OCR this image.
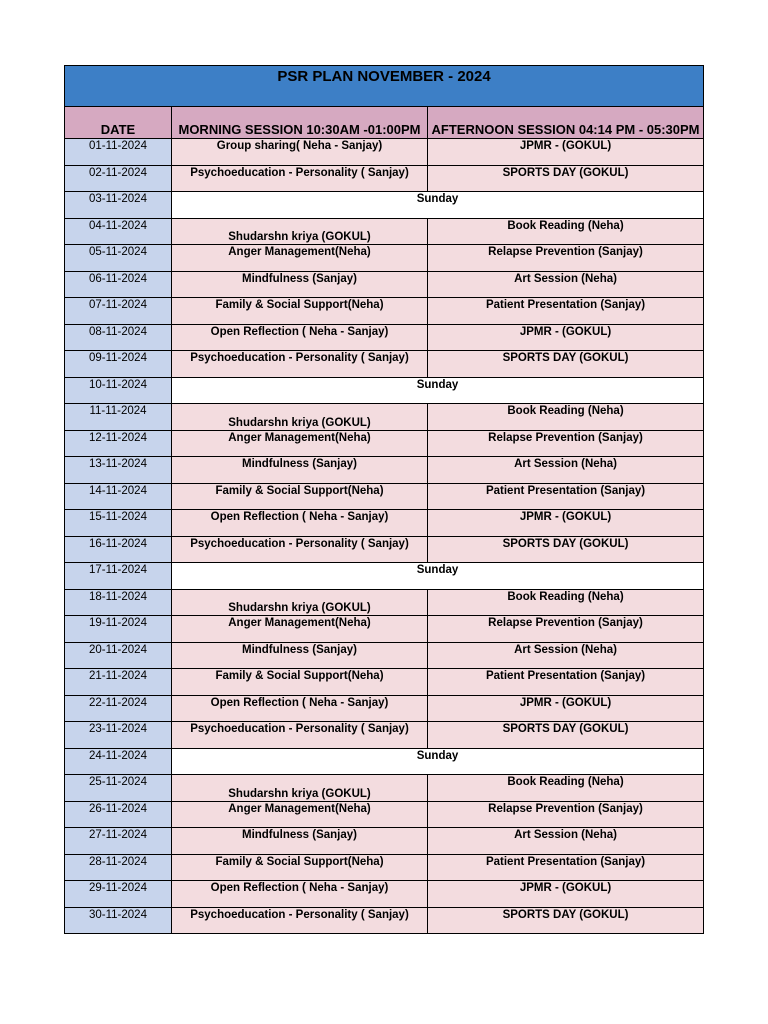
PSR PLAN NOVEMBER - 2024		
DATE	MORNING SESSION 10:30AM -01:00PM	AFTERNOON SESSION 04:14 PM - 05:30PM
01-11-2024	Group sharing( Neha - Sanjay)	JPMR - (GOKUL)
02-11-2024	Psychoeducation - Personality ( Sanjay)	SPORTS DAY (GOKUL)
03-11-2024	Sunday	
04-11-2024	Shudarshn kriya (GOKUL)	Book Reading (Neha)
05-11-2024	Anger Management(Neha)	Relapse Prevention (Sanjay)
06-11-2024	Mindfulness (Sanjay)	Art Session (Neha)
07-11-2024	Family & Social Support(Neha)	Patient Presentation (Sanjay)
08-11-2024	Open Reflection ( Neha - Sanjay)	JPMR - (GOKUL)
09-11-2024	Psychoeducation - Personality ( Sanjay)	SPORTS DAY (GOKUL)
10-11-2024	Sunday	
11-11-2024	Shudarshn kriya (GOKUL)	Book Reading (Neha)
12-11-2024	Anger Management(Neha)	Relapse Prevention (Sanjay)
13-11-2024	Mindfulness (Sanjay)	Art Session (Neha)
14-11-2024	Family & Social Support(Neha)	Patient Presentation (Sanjay)
15-11-2024	Open Reflection ( Neha - Sanjay)	JPMR - (GOKUL)
16-11-2024	Psychoeducation - Personality ( Sanjay)	SPORTS DAY (GOKUL)
17-11-2024	Sunday	
18-11-2024	Shudarshn kriya (GOKUL)	Book Reading (Neha)
19-11-2024	Anger Management(Neha)	Relapse Prevention (Sanjay)
20-11-2024	Mindfulness (Sanjay)	Art Session (Neha)
21-11-2024	Family & Social Support(Neha)	Patient Presentation (Sanjay)
22-11-2024	Open Reflection ( Neha - Sanjay)	JPMR - (GOKUL)
23-11-2024	Psychoeducation - Personality ( Sanjay)	SPORTS DAY (GOKUL)
24-11-2024	Sunday	
25-11-2024	Shudarshn kriya (GOKUL)	Book Reading (Neha)
26-11-2024	Anger Management(Neha)	Relapse Prevention (Sanjay)
27-11-2024	Mindfulness (Sanjay)	Art Session (Neha)
28-11-2024	Family & Social Support(Neha)	Patient Presentation (Sanjay)
29-11-2024	Open Reflection ( Neha - Sanjay)	JPMR - (GOKUL)
30-11-2024	Psychoeducation - Personality ( Sanjay)	SPORTS DAY (GOKUL)
